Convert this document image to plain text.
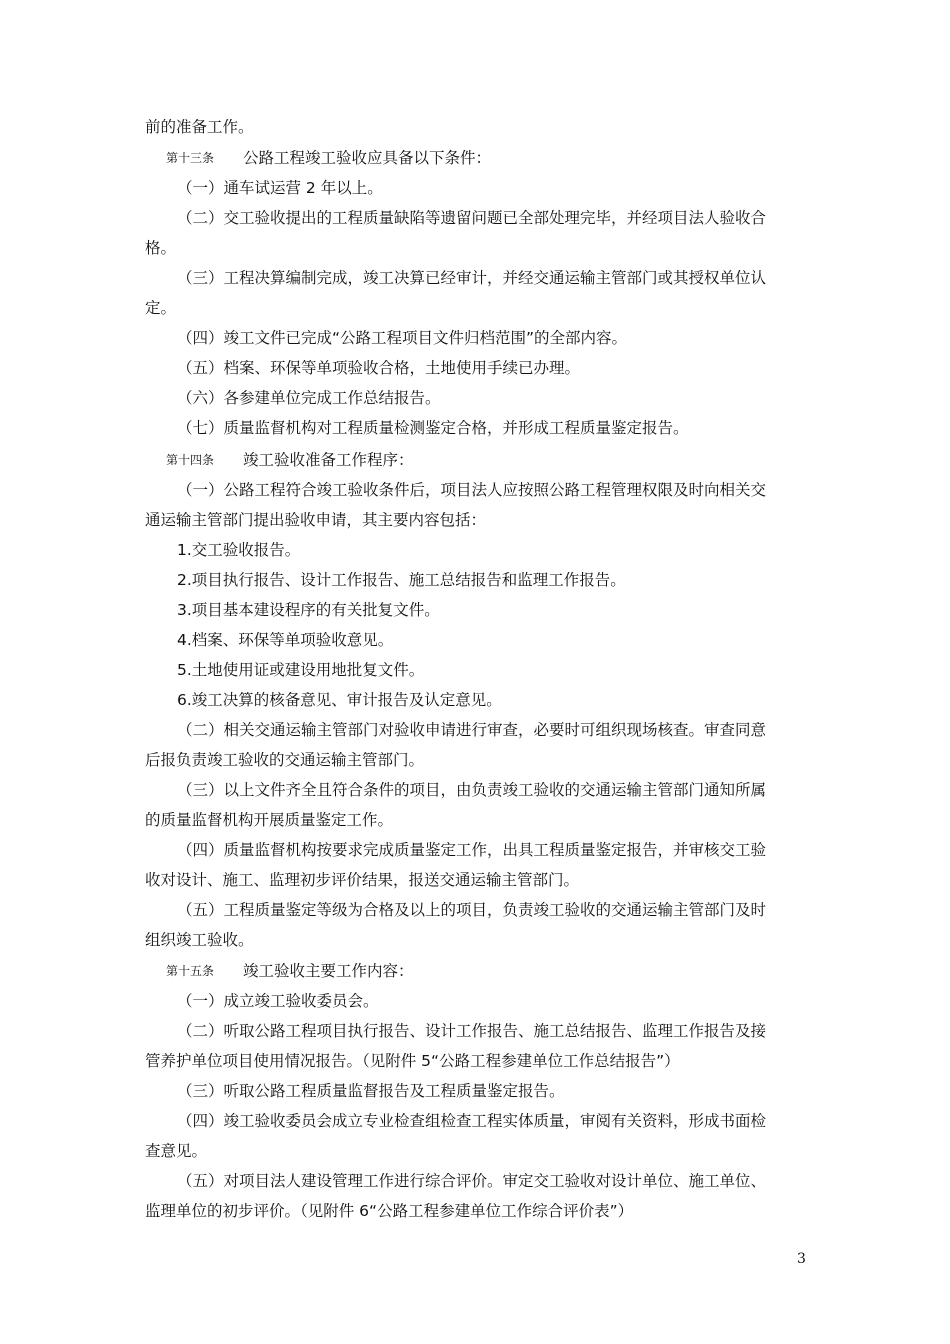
前的准备工作。
第十三条 公路工程竣工验收应具备以下条件：
（一）通车试运营 2 年以上。
（二）交工验收提出的工程质量缺陷等遗留问题已全部处理完毕，并经项目法人验收合
格。
（三）工程决算编制完成，竣工决算已经审计，并经交通运输主管部门或其授权单位认
定。
（四）竣工文件已完成“公路工程项目文件归档范围”的全部内容。
（五）档案、环保等单项验收合格，土地使用手续已办理。
（六）各参建单位完成工作总结报告。
（七）质量监督机构对工程质量检测鉴定合格，并形成工程质量鉴定报告。
第十四条 竣工验收准备工作程序：
（一）公路工程符合竣工验收条件后，项目法人应按照公路工程管理权限及时向相关交
通运输主管部门提出验收申请，其主要内容包括：
1.交工验收报告。
2.项目执行报告、设计工作报告、施工总结报告和监理工作报告。
3.项目基本建设程序的有关批复文件。
4.档案、环保等单项验收意见。
5.土地使用证或建设用地批复文件。
6.竣工决算的核备意见、审计报告及认定意见。
（二）相关交通运输主管部门对验收申请进行审查，必要时可组织现场核查。审查同意
后报负责竣工验收的交通运输主管部门。
（三）以上文件齐全且符合条件的项目，由负责竣工验收的交通运输主管部门通知所属
的质量监督机构开展质量鉴定工作。
（四）质量监督机构按要求完成质量鉴定工作，出具工程质量鉴定报告，并审核交工验
收对设计、施工、监理初步评价结果，报送交通运输主管部门。
（五）工程质量鉴定等级为合格及以上的项目，负责竣工验收的交通运输主管部门及时
组织竣工验收。
第十五条 竣工验收主要工作内容：
（一）成立竣工验收委员会。
（二）听取公路工程项目执行报告、设计工作报告、施工总结报告、监理工作报告及接
管养护单位项目使用情况报告。（见附件 5“公路工程参建单位工作总结报告”）
（三）听取公路工程质量监督报告及工程质量鉴定报告。
（四）竣工验收委员会成立专业检查组检查工程实体质量，审阅有关资料，形成书面检
查意见。
（五）对项目法人建设管理工作进行综合评价。审定交工验收对设计单位、施工单位、
监理单位的初步评价。（见附件 6“公路工程参建单位工作综合评价表”）
3
